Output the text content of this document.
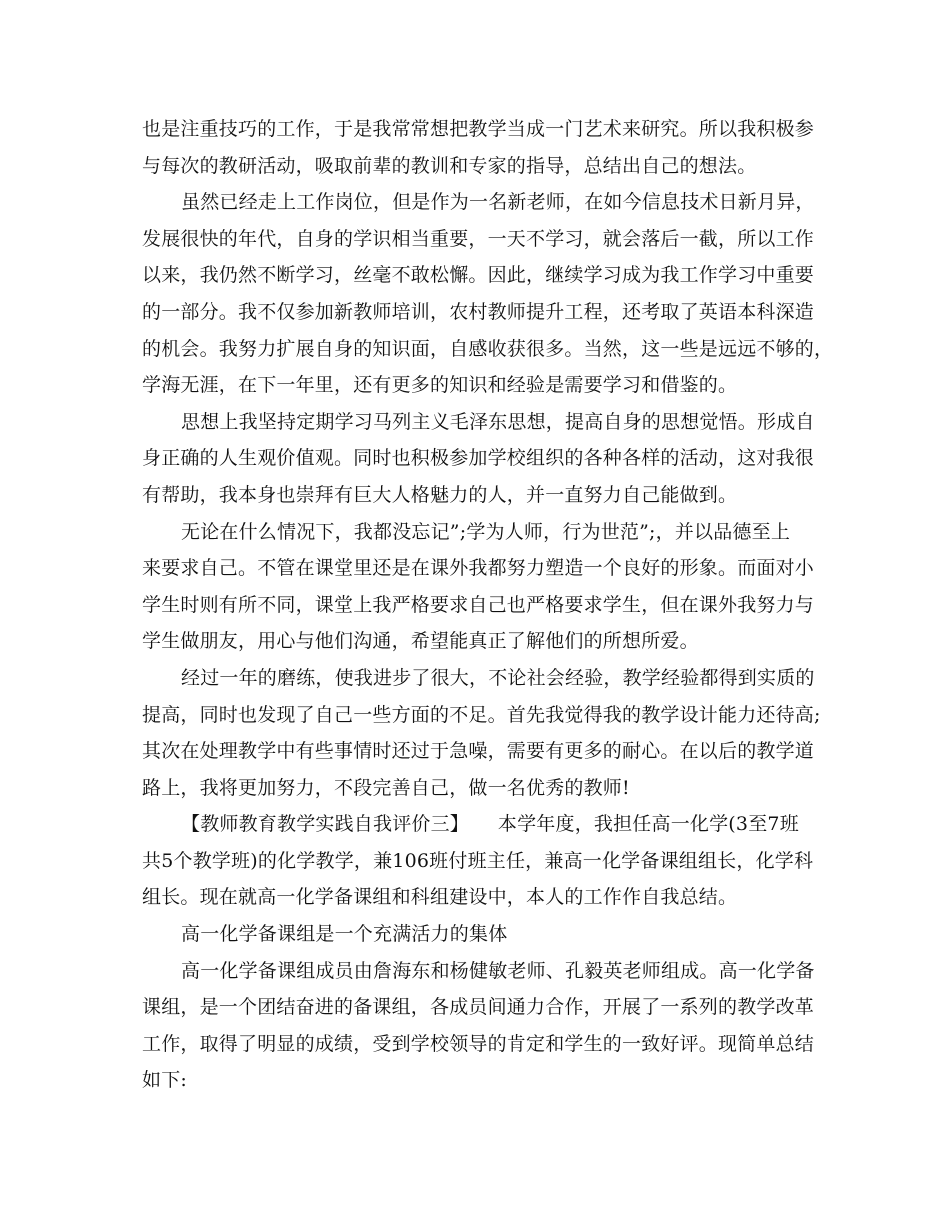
也是注重技巧的工作，于是我常常想把教学当成一门艺术来研究。所以我积极参
与每次的教研活动，吸取前辈的教训和专家的指导，总结出自己的想法。
虽然已经走上工作岗位，但是作为一名新老师，在如今信息技术日新月异，
发展很快的年代，自身的学识相当重要，一天不学习，就会落后一截，所以工作
以来，我仍然不断学习，丝毫不敢松懈。因此，继续学习成为我工作学习中重要
的一部分。我不仅参加新教师培训，农村教师提升工程，还考取了英语本科深造
的机会。我努力扩展自身的知识面，自感收获很多。当然，这一些是远远不够的，
学海无涯，在下一年里，还有更多的知识和经验是需要学习和借鉴的。
思想上我坚持定期学习马列主义毛泽东思想，提高自身的思想觉悟。形成自
身正确的人生观价值观。同时也积极参加学校组织的各种各样的活动，这对我很
有帮助，我本身也崇拜有巨大人格魅力的人，并一直努力自己能做到。
无论在什么情况下，我都没忘记”;学为人师，行为世范”;，并以品德至上
来要求自己。不管在课堂里还是在课外我都努力塑造一个良好的形象。而面对小
学生时则有所不同，课堂上我严格要求自己也严格要求学生，但在课外我努力与
学生做朋友，用心与他们沟通，希望能真正了解他们的所想所爱。
经过一年的磨练，使我进步了很大，不论社会经验，教学经验都得到实质的
提高，同时也发现了自己一些方面的不足。首先我觉得我的教学设计能力还待高;
其次在处理教学中有些事情时还过于急噪，需要有更多的耐心。在以后的教学道
路上，我将更加努力，不段完善自己，做一名优秀的教师!
【教师教育教学实践自我评价三】　　本学年度，我担任高一化学(3至7班
共5个教学班)的化学教学，兼106班付班主任，兼高一化学备课组组长，化学科
组长。现在就高一化学备课组和科组建设中，本人的工作作自我总结。
高一化学备课组是一个充满活力的集体
高一化学备课组成员由詹海东和杨健敏老师、孔毅英老师组成。高一化学备
课组，是一个团结奋进的备课组，各成员间通力合作，开展了一系列的教学改革
工作，取得了明显的成绩，受到学校领导的肯定和学生的一致好评。现简单总结
如下:
